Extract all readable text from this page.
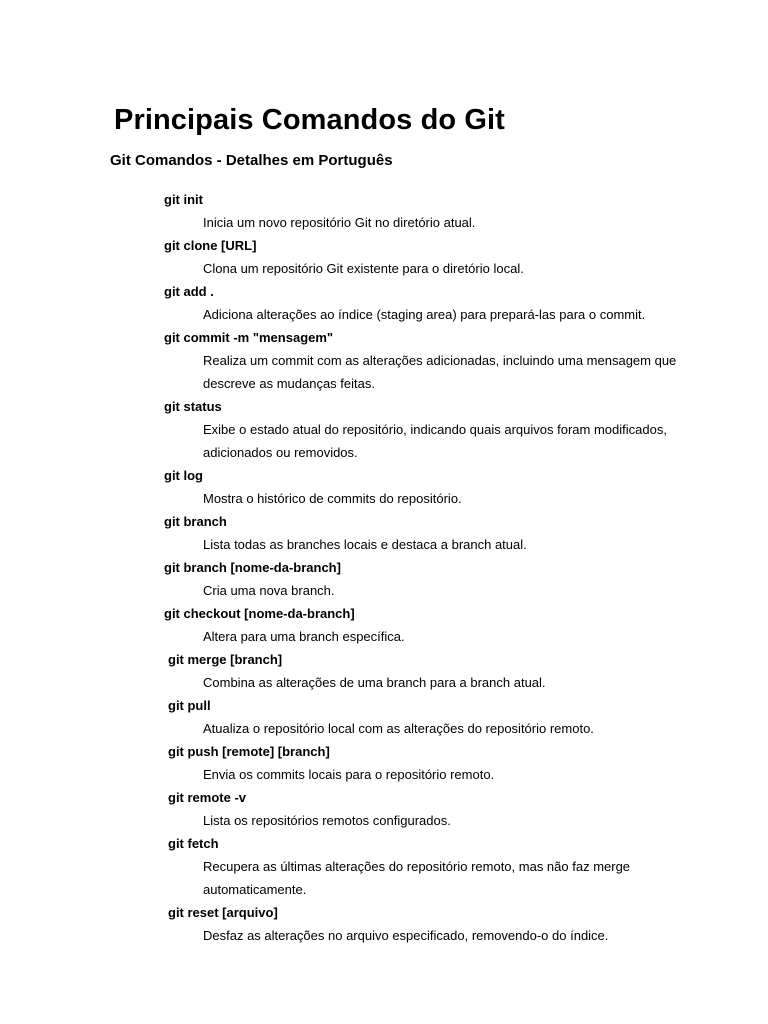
Principais Comandos do Git
Git Comandos - Detalhes em Português
git init
Inicia um novo repositório Git no diretório atual.
git clone [URL]
Clona um repositório Git existente para o diretório local.
git add .
Adiciona alterações ao índice (staging area) para prepará-las para o commit.
git commit -m "mensagem"
Realiza um commit com as alterações adicionadas, incluindo uma mensagem que descreve as mudanças feitas.
git status
Exibe o estado atual do repositório, indicando quais arquivos foram modificados, adicionados ou removidos.
git log
Mostra o histórico de commits do repositório.
git branch
Lista todas as branches locais e destaca a branch atual.
git branch [nome-da-branch]
Cria uma nova branch.
git checkout [nome-da-branch]
Altera para uma branch específica.
git merge [branch]
Combina as alterações de uma branch para a branch atual.
git pull
Atualiza o repositório local com as alterações do repositório remoto.
git push [remote] [branch]
Envia os commits locais para o repositório remoto.
git remote -v
Lista os repositórios remotos configurados.
git fetch
Recupera as últimas alterações do repositório remoto, mas não faz merge automaticamente.
git reset [arquivo]
Desfaz as alterações no arquivo especificado, removendo-o do índice.
